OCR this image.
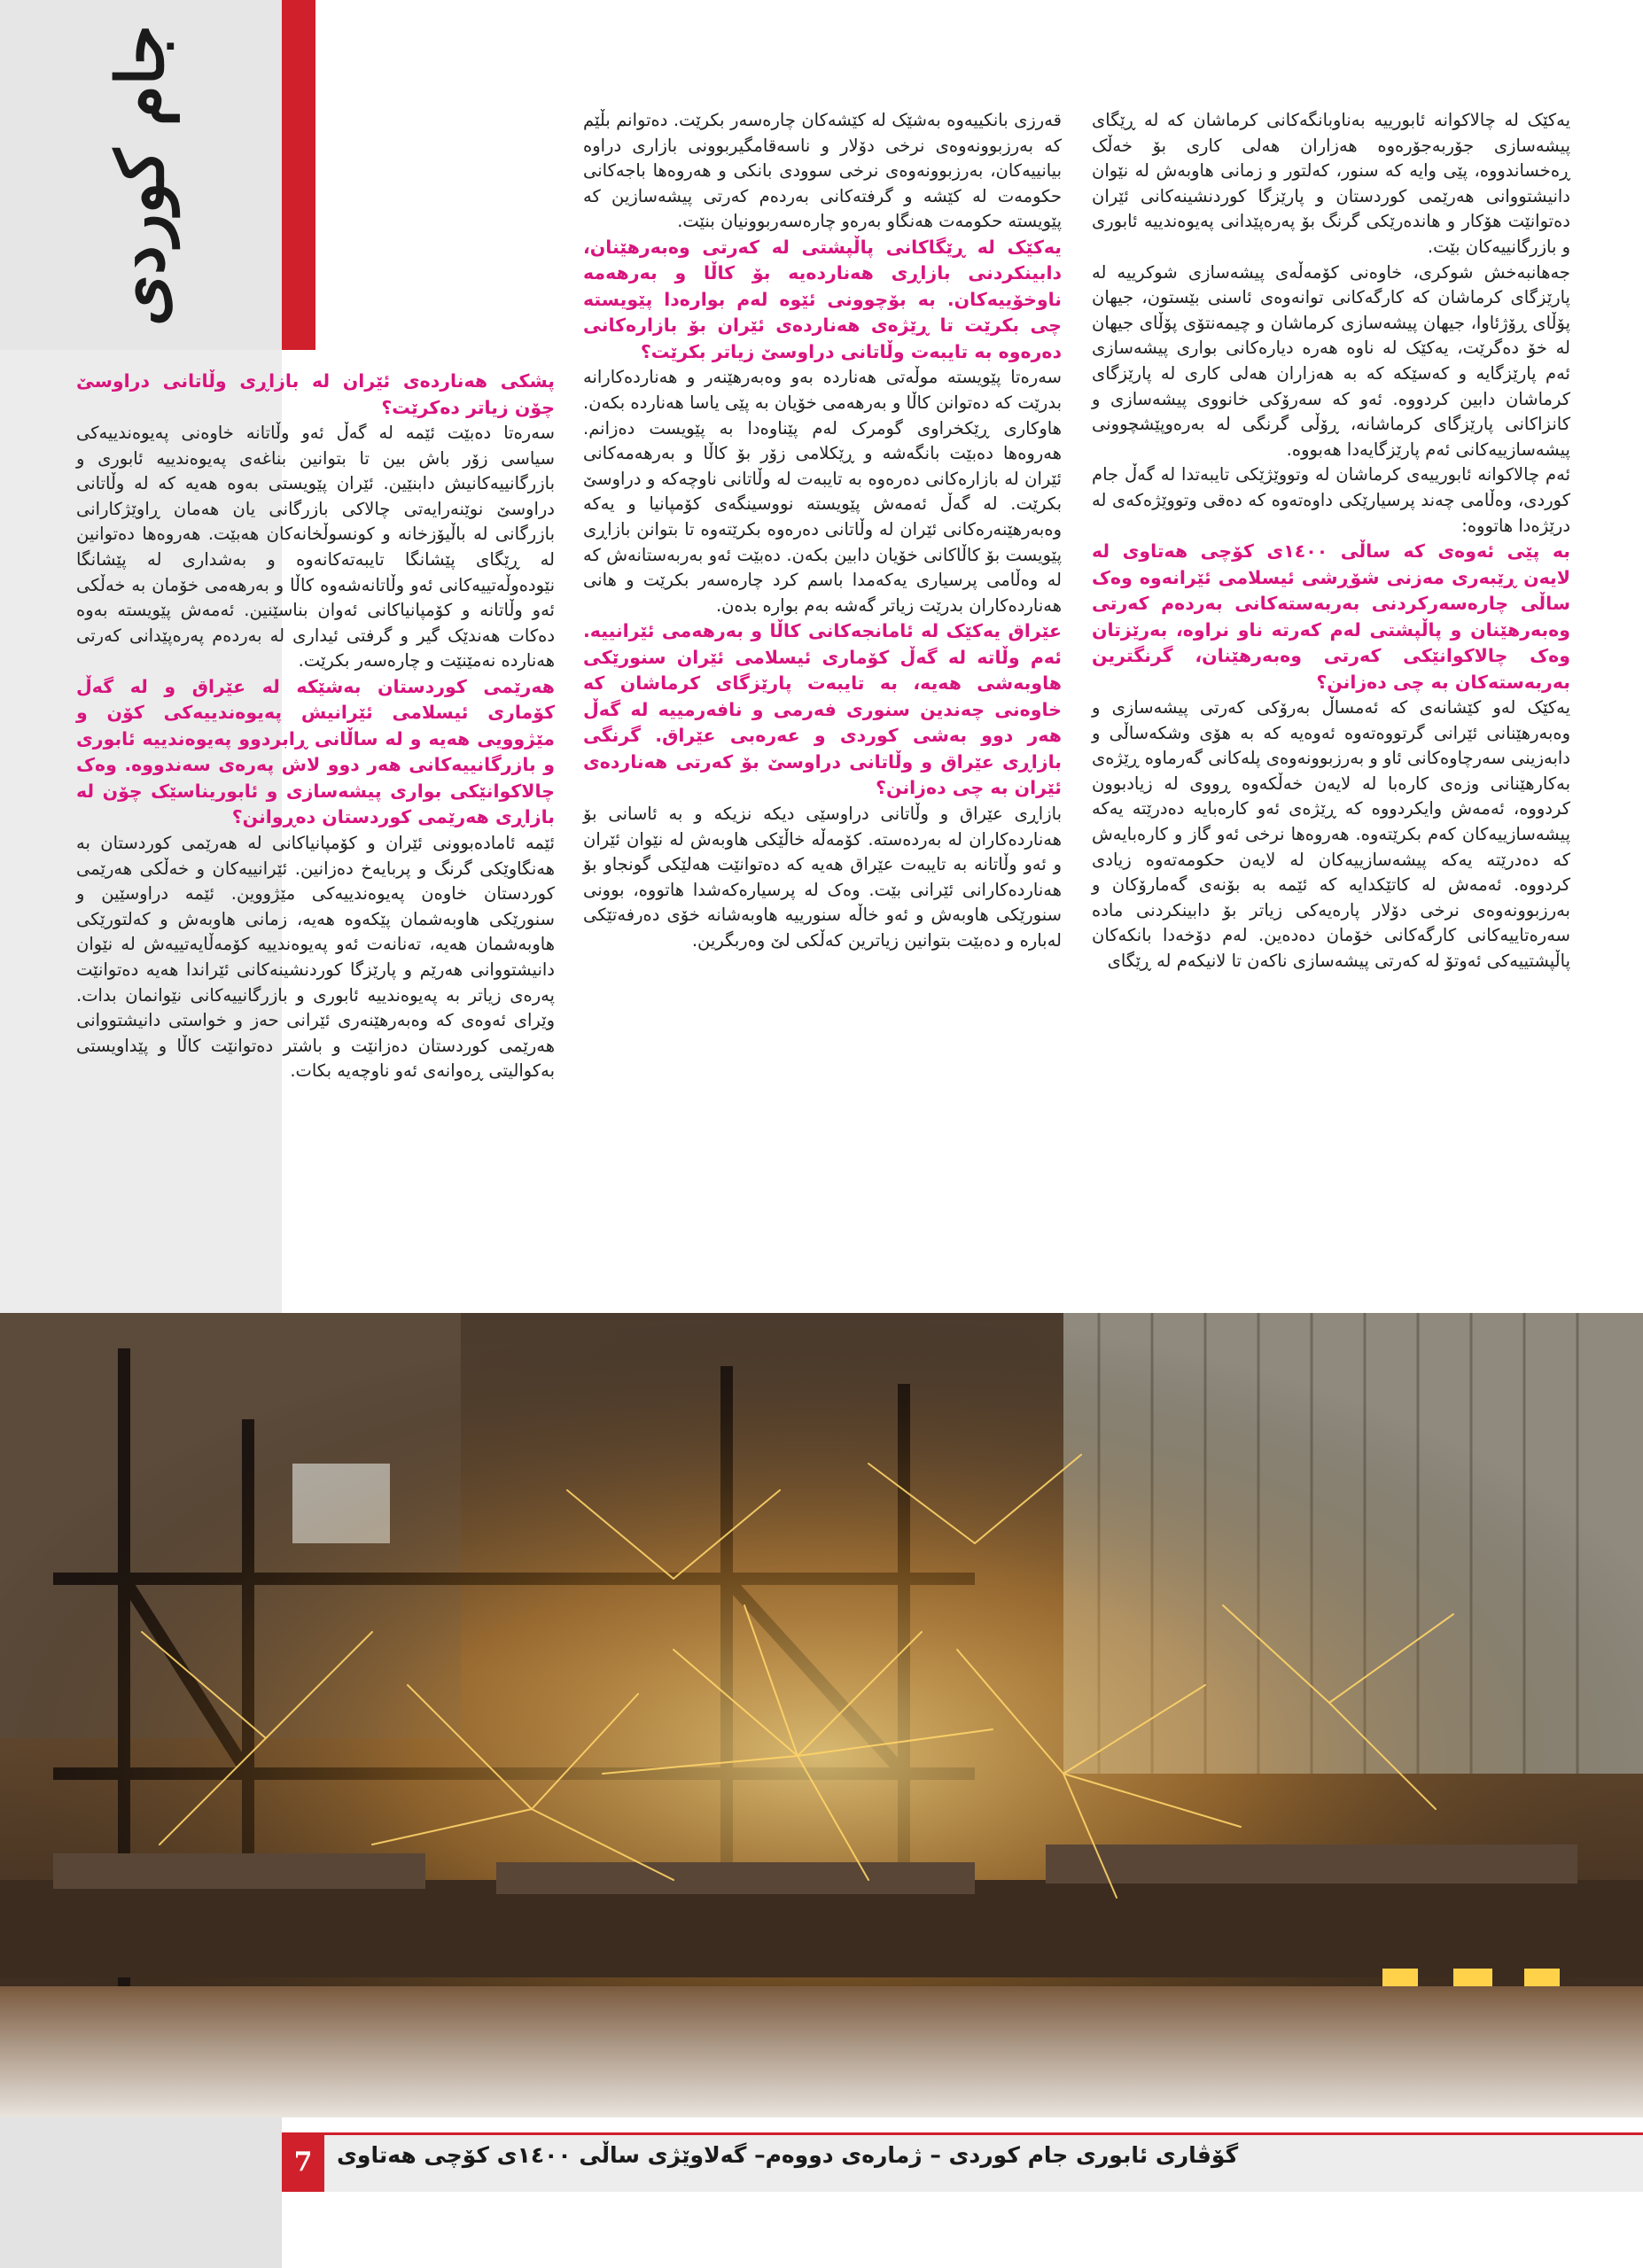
جام کوردی	یەکێک لە چالاکوانە ئابورییە بەناوبانگەکانی کرماشان کە لە ڕێگای پیشەسازی جۆربەجۆرەوە هەزاران هەلی کاری بۆ خەڵک ڕەخساندووە، پێی وایە کە سنور، کەلتور و زمانی هاوبەش لە نێوان دانیشتووانی هەرێمی کوردستان و پارێزگا کوردنشینەکانی ئێران دەتوانێت هۆکار و هاندەرێکی گرنگ بۆ پەرەپێدانی پەیوەندییە ئابوری و بازرگانییەکان بێت.

جەهانبەخش شوکری، خاوەنی کۆمەڵەی پیشەسازی شوکرییە لە پارێزگای کرماشان کە کارگەکانی توانەوەی ئاسنی بێستون، جیهان پۆڵای ڕۆژئاوا، جیهان پیشەسازی کرماشان و چیمەنتۆی پۆڵای جیهان لە خۆ دەگرێت، یەکێک لە ناوە هەرە دیارەکانی بواری پیشەسازی ئەم پارێزگایە و کەسێکە کە بە هەزاران هەلی کاری لە پارێزگای کرماشان دابین کردووە. ئەو کە سەرۆکی خانووی پیشەسازی و کانزاکانی پارێزگای کرماشانە، ڕۆڵی گرنگی لە بەرەوپێشچوونی پیشەسازییەکانی ئەم پارێزگایەدا هەبووە.

ئەم چالاکوانە ئابورییەی کرماشان لە وتووێژێکی تایبەتدا لە گەڵ جام کوردی، وەڵامی چەند پرسیارێکی داوەتەوە کە دەقی وتووێژەکەی لە درێژەدا هاتووە:

بە پێی ئەوەی کە ساڵی ١٤٠٠ی کۆچی هەتاوی لە لایەن ڕێبەری مەزنی شۆڕشی ئیسلامی ئێرانەوە وەک ساڵی چارەسەرکردنی بەربەستەکانی بەردەم کەرتی وەبەرهێنان و پاڵپشتی لەم کەرتە ناو نراوە، بەرێزتان وەک چالاکوانێکی کەرتی وەبەرهێنان، گرنگترین بەربەستەکان بە چی دەزانن؟

یەکێک لەو کێشانەی کە ئەمساڵ بەرۆکی کەرتی پیشەسازی و وەبەرهێنانی ئێرانی گرتووەتەوە ئەوەیە کە بە هۆی وشکەساڵی و دابەزینی سەرچاوەکانی ئاو و بەرزبوونەوەی پلەکانی گەرماوە ڕێژەی بەکارهێنانی وزەی کارەبا لە لایەن خەڵکەوە ڕووی لە زیادبوون کردووە، ئەمەش وایکردووە کە ڕێژەی ئەو کارەبایە دەدرێتە یەکە پیشەسازییەکان کەم بکرێتەوە. هەروەها نرخی ئەو گاز و کارەبایەش کە دەدرێتە یەکە پیشەسازییەکان لە لایەن حکومەتەوە زیادی کردووە. ئەمەش لە کاتێکدایە کە ئێمە بە بۆنەی گەمارۆکان و بەرزبوونەوەی نرخی دۆلار پارەیەکی زیاتر بۆ دابینکردنی مادە سەرەتاییەکانی کارگەکانی خۆمان دەدەین. لەم دۆخەدا بانکەکان پاڵپشتییەکی ئەوتۆ لە کەرتی پیشەسازی ناکەن تا لانیکەم لە ڕێگای

قەرزی بانکییەوە بەشێک لە کێشەکان چارەسەر بکرێت. دەتوانم بڵێم کە بەرزبوونەوەی نرخی دۆلار و ناسەقامگیربوونی بازاری دراوە بیانییەکان، بەرزبوونەوەی نرخی سوودی بانکی و هەروەها باجەکانی حکومەت لە کێشە و گرفتەکانی بەردەم کەرتی پیشەسازین کە پێویستە حکومەت هەنگاو بەرەو چارەسەربوونیان بنێت.

یەکێک لە ڕێگاکانی پاڵپشتی لە کەرتی وەبەرهێنان، دابینکردنی بازاڕی هەناردەیە بۆ کاڵا و بەرهەمە ناوخۆییەکان. بە بۆچوونی ئێوە لەم بوارەدا پێویستە چی بکرێت تا ڕێژەی هەناردەی ئێران بۆ بازارەکانی دەرەوە بە تایبەت وڵاتانی دراوسێ زیاتر بکرێت؟

سەرەتا پێویستە موڵەتی هەناردە بەو وەبەرهێنەر و هەناردەکارانە بدرێت کە دەتوانن کاڵا و بەرهەمی خۆیان بە پێی یاسا هەناردە بکەن. هاوکاری ڕێکخراوی گومرک لەم پێناوەدا بە پێویست دەزانم. هەروەها دەبێت بانگەشە و ڕێکلامی زۆر بۆ کاڵا و بەرهەمەکانی ئێران لە بازارەکانی دەرەوە بە تایبەت لە وڵاتانی ناوچەکە و دراوسێ بکرێت. لە گەڵ ئەمەش پێویستە نووسینگەی کۆمپانیا و یەکە وەبەرهێنەرەکانی ئێران لە وڵاتانی دەرەوە بکرێتەوە تا بتوانن بازاڕی پێویست بۆ کاڵاکانی خۆیان دابین بکەن. دەبێت ئەو بەربەستانەش کە لە وەڵامی پرسیاری یەکەمدا باسم کرد چارەسەر بکرێت و هانی هەناردەکاران بدرێت زیاتر گەشە بەم بوارە بدەن.

عێراق یەکێک لە ئامانجەکانی کاڵا و بەرهەمی ئێرانییە. ئەم وڵاتە لە گەڵ کۆماری ئیسلامی ئێران سنورێکی هاوبەشی هەیە، بە تایبەت پارێزگای کرماشان کە خاوەنی چەندین سنوری فەرمی و نافەرمییە لە گەڵ هەر دوو بەشی کوردی و عەرەبی عێراق. گرنگی بازاڕی عێراق و وڵاتانی دراوسێ بۆ کەرتی هەناردەی ئێران بە چی دەزانن؟

بازاڕی عێراق و وڵاتانی دراوسێی دیکە نزیکە و بە ئاسانی بۆ هەناردەکاران لە بەردەستە. کۆمەڵە خاڵێکی هاوبەش لە نێوان ئێران و ئەو وڵاتانە بە تایبەت عێراق هەیە کە دەتوانێت هەلێکی گونجاو بۆ هەناردەکارانی ئێرانی بێت. وەک لە پرسیارەکەشدا هاتووە، بوونی سنورێکی هاوبەش و ئەو خاڵە سنورییە هاوبەشانە خۆی دەرفەتێکی لەبارە و دەبێت بتوانین زیاترین کەڵکی لێ وەربگرین.

پشکی هەناردەی ئێران لە بازاڕی وڵاتانی دراوسێ چۆن زیاتر دەکرێت؟

سەرەتا دەبێت ئێمە لە گەڵ ئەو وڵاتانە خاوەنی پەیوەندییەکی سیاسی زۆر باش بین تا بتوانین بناغەی پەیوەندییە ئابوری و بازرگانییەکانیش دابنێین. ئێران پێویستی بەوە هەیە کە لە وڵاتانی دراوسێ نوێنەرایەتی چالاکی بازرگانی یان هەمان ڕاوێژکارانی بازرگانی لە باڵیۆزخانە و کونسوڵخانەکان هەبێت. هەروەها دەتوانین لە ڕێگای پێشانگا تایبەتەکانەوە و بەشداری لە پێشانگا نێودەوڵەتییەکانی ئەو وڵاتانەشەوە کاڵا و بەرهەمی خۆمان بە خەڵکی ئەو وڵاتانە و کۆمپانیاکانی ئەوان بناسێنین. ئەمەش پێویستە بەوە دەکات هەندێک گیر و گرفتی ئیداری لە بەردەم پەرەپێدانی کەرتی هەناردە نەمێنێت و چارەسەر بکرێت.

هەرێمی کوردستان بەشێکە لە عێراق و لە گەڵ کۆماری ئیسلامی ئێرانیش پەیوەندییەکی کۆن و مێژوویی هەیە و لە ساڵانی ڕابردوو پەیوەندییە ئابوری و بازرگانییەکانی هەر دوو لاش پەرەی سەندووە. وەک چالاکوانێکی بواری پیشەسازی و ئابوریناسێک چۆن لە بازاڕی هەرێمی کوردستان دەڕوانن؟

ئێمە ئامادەبوونی ئێران و کۆمپانیاکانی لە هەرێمی کوردستان بە هەنگاوێکی گرنگ و پربایەخ دەزانین. ئێرانییەکان و خەڵکی هەرێمی کوردستان خاوەن پەیوەندییەکی مێژووین. ئێمە دراوسێین و سنورێکی هاوبەشمان پێکەوە هەیە، زمانی هاوبەش و کەلتورێکی هاوبەشمان هەیە، تەنانەت ئەو پەیوەندییە کۆمەڵایەتییەش لە نێوان دانیشتووانی هەرێم و پارێزگا کوردنشینەکانی ئێراندا هەیە دەتوانێت پەرەی زیاتر بە پەیوەندییە ئابوری و بازرگانییەکانی نێوانمان بدات. وێرای ئەوەی کە وەبەرهێنەری ئێرانی حەز و خواستی دانیشتووانی هەرێمی کوردستان دەزانێت و باشتر دەتوانێت کاڵا و پێداویستی بەکوالیتی ڕەوانەی ئەو ناوچەیە بکات.

7	گۆڤاری ئابوری جام کوردی – ژمارەی دووەم– گەلاوێژی ساڵی ١٤٠٠ی کۆچی هەتاوی
